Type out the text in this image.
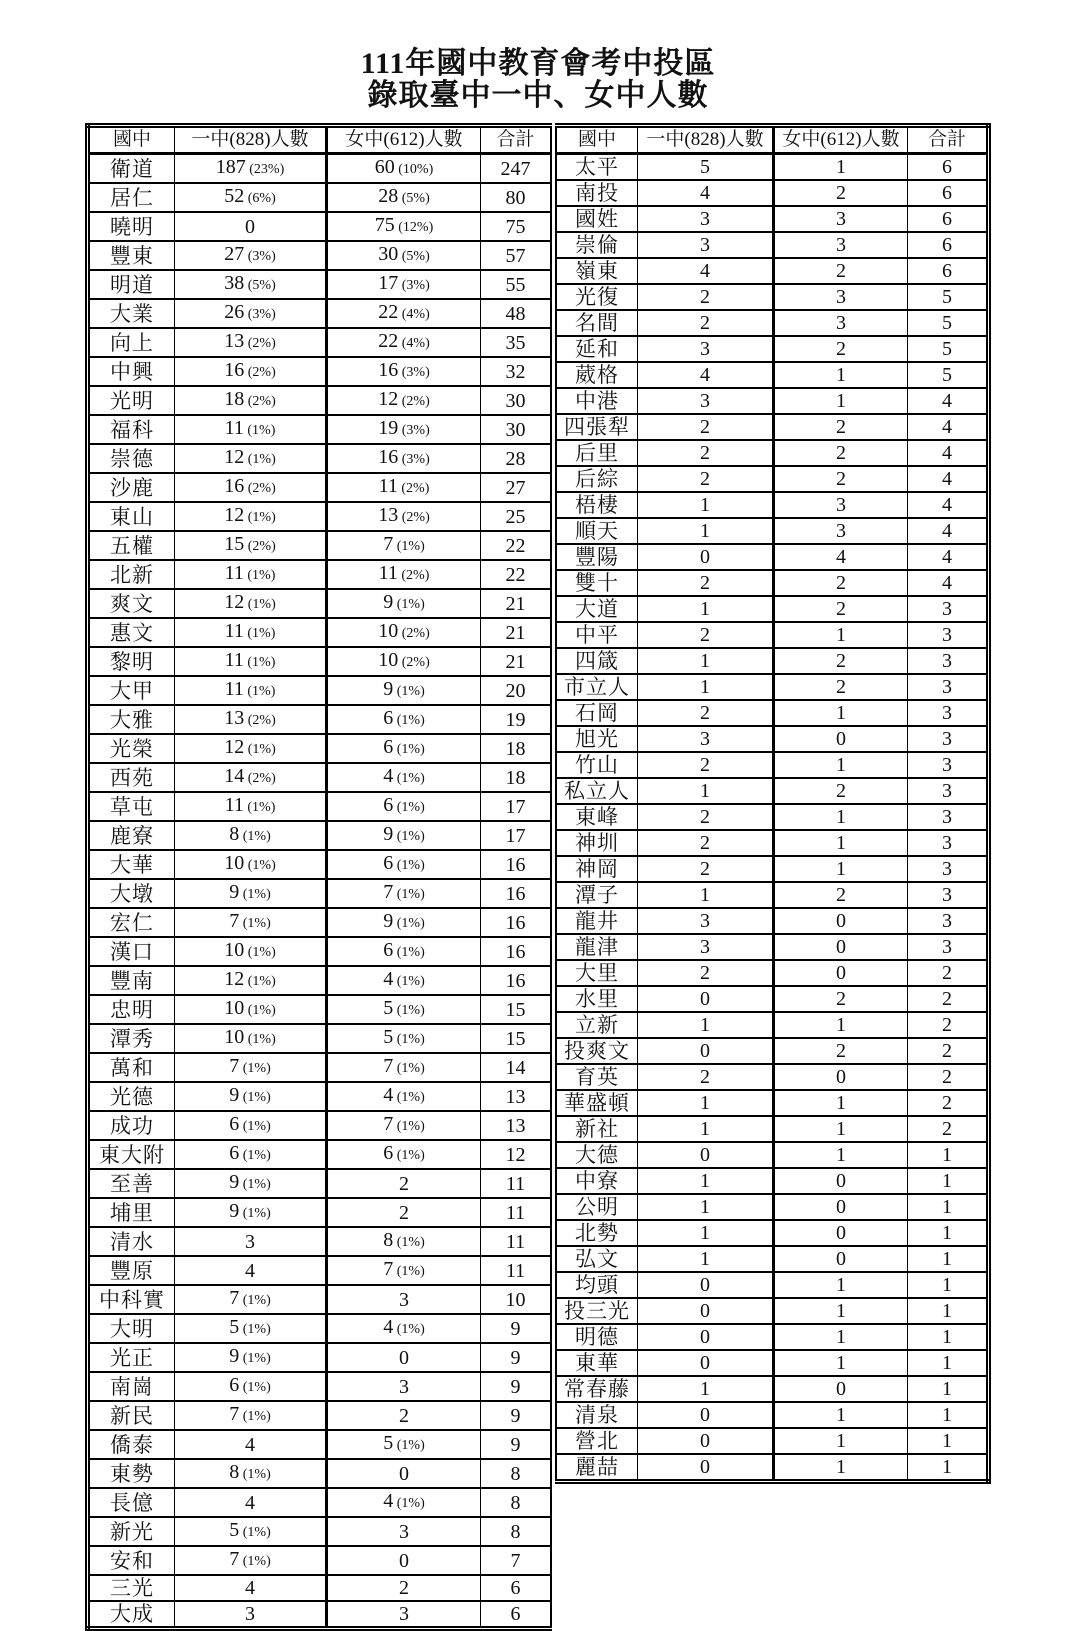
111年國中教育會考中投區
錄取臺中一中、女中人數
國中	一中(828)人數	女中(612)人數	合計
衛道	187 (23%)	60 (10%)	247
居仁	52 (6%)	28 (5%)	80
曉明	0	75 (12%)	75
豐東	27 (3%)	30 (5%)	57
明道	38 (5%)	17 (3%)	55
大業	26 (3%)	22 (4%)	48
向上	13 (2%)	22 (4%)	35
中興	16 (2%)	16 (3%)	32
光明	18 (2%)	12 (2%)	30
福科	11 (1%)	19 (3%)	30
崇德	12 (1%)	16 (3%)	28
沙鹿	16 (2%)	11 (2%)	27
東山	12 (1%)	13 (2%)	25
五權	15 (2%)	7 (1%)	22
北新	11 (1%)	11 (2%)	22
爽文	12 (1%)	9 (1%)	21
惠文	11 (1%)	10 (2%)	21
黎明	11 (1%)	10 (2%)	21
大甲	11 (1%)	9 (1%)	20
大雅	13 (2%)	6 (1%)	19
光榮	12 (1%)	6 (1%)	18
西苑	14 (2%)	4 (1%)	18
草屯	11 (1%)	6 (1%)	17
鹿寮	8 (1%)	9 (1%)	17
大華	10 (1%)	6 (1%)	16
大墩	9 (1%)	7 (1%)	16
宏仁	7 (1%)	9 (1%)	16
漢口	10 (1%)	6 (1%)	16
豐南	12 (1%)	4 (1%)	16
忠明	10 (1%)	5 (1%)	15
潭秀	10 (1%)	5 (1%)	15
萬和	7 (1%)	7 (1%)	14
光德	9 (1%)	4 (1%)	13
成功	6 (1%)	7 (1%)	13
東大附	6 (1%)	6 (1%)	12
至善	9 (1%)	2	11
埔里	9 (1%)	2	11
清水	3	8 (1%)	11
豐原	4	7 (1%)	11
中科實	7 (1%)	3	10
大明	5 (1%)	4 (1%)	9
光正	9 (1%)	0	9
南崗	6 (1%)	3	9
新民	7 (1%)	2	9
僑泰	4	5 (1%)	9
東勢	8 (1%)	0	8
長億	4	4 (1%)	8
新光	5 (1%)	3	8
安和	7 (1%)	0	7
三光	4	2	6
大成	3	3	6
國中	一中(828)人數	女中(612)人數	合計
太平	5	1	6
南投	4	2	6
國姓	3	3	6
崇倫	3	3	6
嶺東	4	2	6
光復	2	3	5
名間	2	3	5
延和	3	2	5
葳格	4	1	5
中港	3	1	4
四張犁	2	2	4
后里	2	2	4
后綜	2	2	4
梧棲	1	3	4
順天	1	3	4
豐陽	0	4	4
雙十	2	2	4
大道	1	2	3
中平	2	1	3
四箴	1	2	3
市立人	1	2	3
石岡	2	1	3
旭光	3	0	3
竹山	2	1	3
私立人	1	2	3
東峰	2	1	3
神圳	2	1	3
神岡	2	1	3
潭子	1	2	3
龍井	3	0	3
龍津	3	0	3
大里	2	0	2
水里	0	2	2
立新	1	1	2
投爽文	0	2	2
育英	2	0	2
華盛頓	1	1	2
新社	1	1	2
大德	0	1	1
中寮	1	0	1
公明	1	0	1
北勢	1	0	1
弘文	1	0	1
均頭	0	1	1
投三光	0	1	1
明德	0	1	1
東華	0	1	1
常春藤	1	0	1
清泉	0	1	1
營北	0	1	1
麗喆	0	1	1
